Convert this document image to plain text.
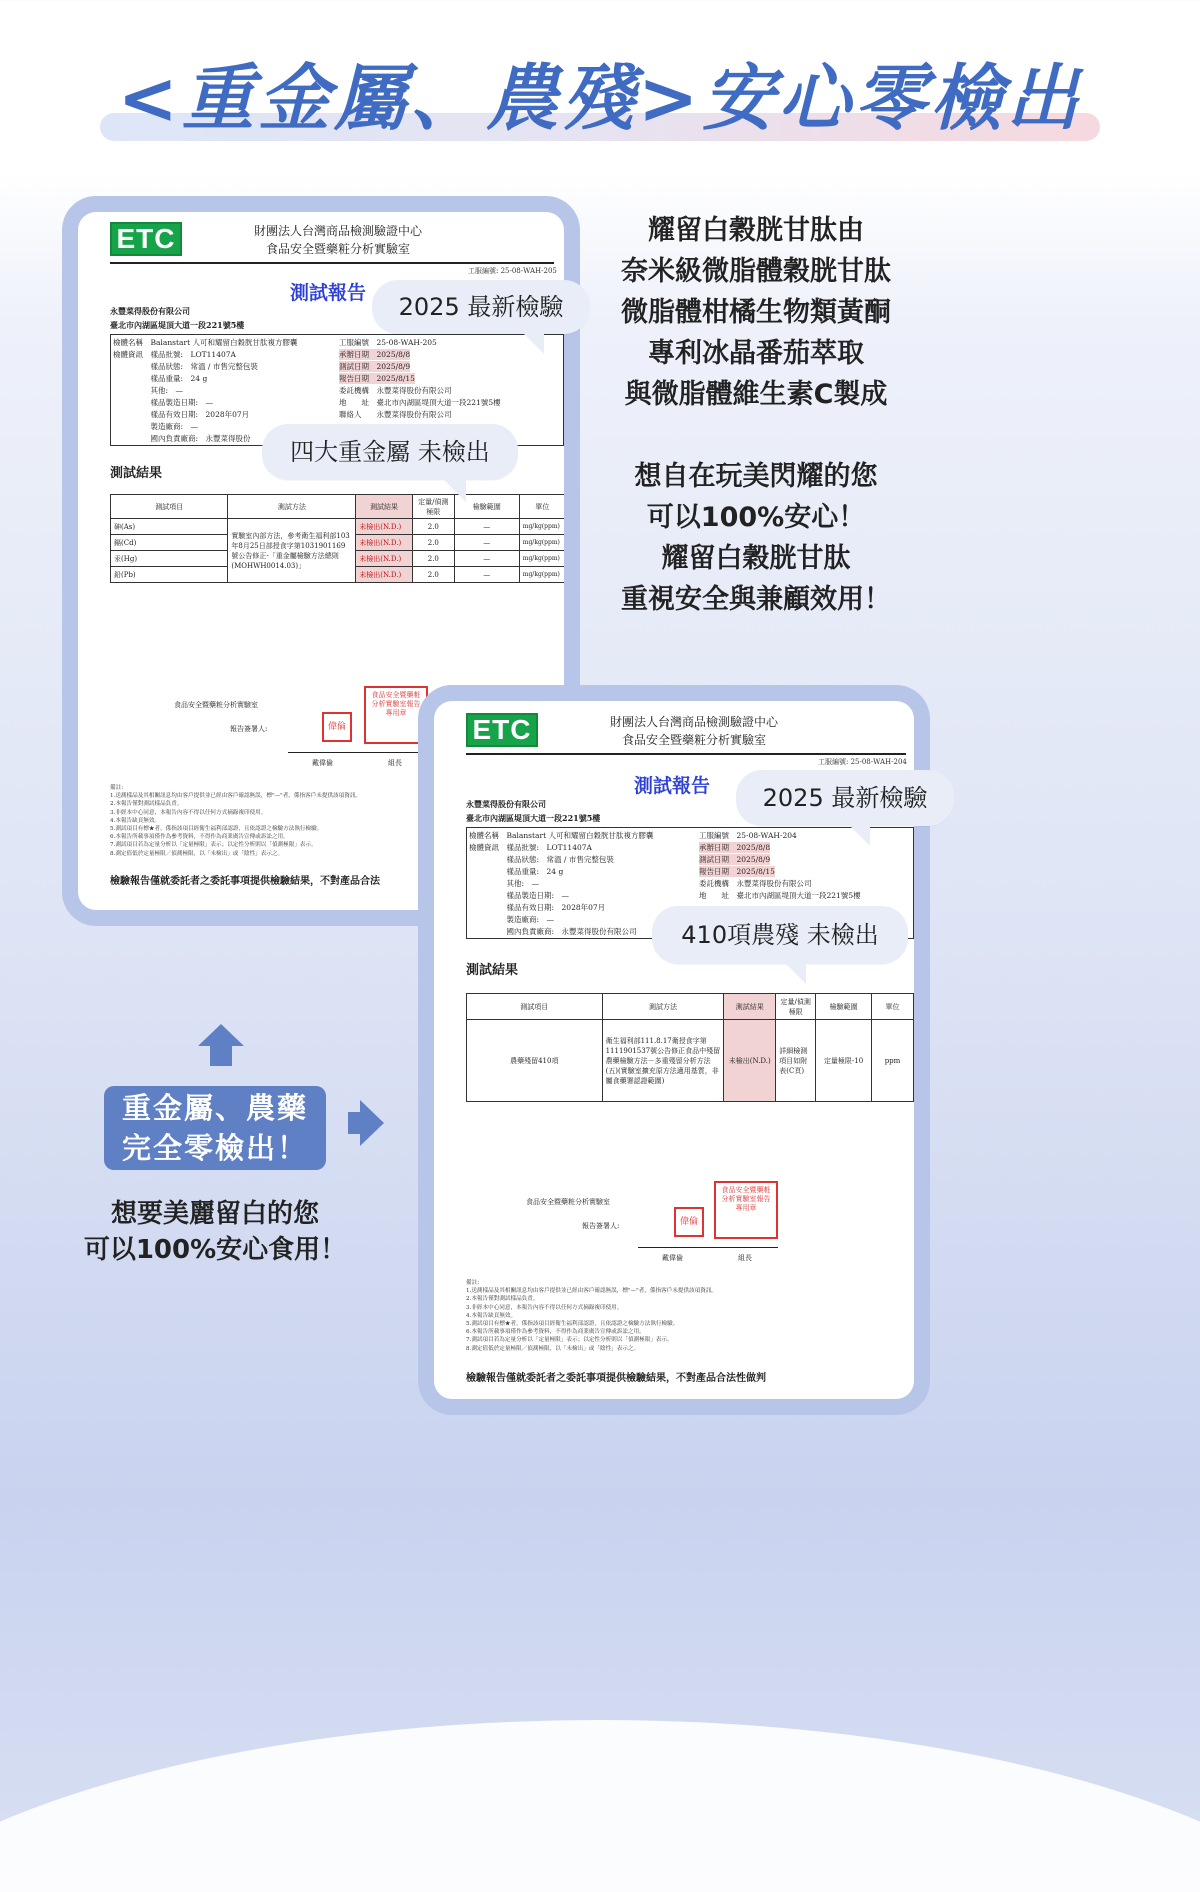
<重金屬、農殘>安心零檢出
ETC	財團法人台灣商品檢測驗證中心
食品安全暨藥粧分析實驗室
工服編號: 25-08-WAH-205
測試報告
永豐菜得股份有限公司
臺北市內湖區堤頂大道一段221號5樓
檢體名稱　Balanstart 人可和耀留白穀胱甘肽複方膠囊
檢體資訊　樣品批號:　LOT11407A
　　　　　樣品狀態:　常溫 / 市售完整包裝
　　　　　樣品重量:　24 g
　　　　　其他:　—
　　　　　樣品製造日期:　—
　　　　　樣品有效日期:　2028年07月
　　　　　製造廠商:　—
　　　　　國內負責廠商:　永豐菜得股份
工服編號　25-08-WAH-205
承辦日期　2025/8/8
測試日期　2025/8/9
報告日期　2025/8/15
委託機構　永豐菜得股份有限公司
地　　址　臺北市內湖區堤頂大道一段221號5樓
聯絡人　　永豐菜得股份有限公司
測試結果
測試項目	測試方法	測試結果	定量/偵測極限	檢驗範圍	單位
砷(As)	實驗室內部方法，參考衛生福利部103年8月25日部授食字第1031901169號公告修正-「重金屬檢驗方法總則(MOHWH0014.03)」	未檢出(N.D.)	2.0	—	mg/kg(ppm)
鎘(Cd)		未檢出(N.D.)	2.0	—	mg/kg(ppm)
汞(Hg)		未檢出(N.D.)	2.0	—	mg/kg(ppm)
鉛(Pb)		未檢出(N.D.)	2.0	—	mg/kg(ppm)
食品安全暨藥粧分析實驗室
報告簽署人:	偉倫
食品安全暨藥粧分析實驗室報告專用章
戴偉倫	組長
備註:
1.送測樣品及其相關訊息均由客戶提供並已經由客戶確認無誤，標"—"者，係指客戶未提供該項資訊。
2.本報告僅對測試樣品負責。
3.非經本中心同意，本報告內容不得以任何方式摘錄複印使用。
4.本報告缺頁無效。
5.測試項目有標★者，係指該項目經衛生福利部認證，且依認證之檢驗方法執行檢驗。
6.本報告所載事項僅作為參考資料，不得作為商業廣告宣傳或訴訟之用。
7.測試項目若為定量分析以「定量極限」表示；以定性分析則以「偵測極限」表示。
8.測定值低於定量極限／偵測極限，以「未檢出」或「陰性」表示之。
檢驗報告僅就委託者之委託事項提供檢驗結果，不對產品合法
2025 最新檢驗
四大重金屬 未檢出
ETC	財團法人台灣商品檢測驗證中心
食品安全暨藥粧分析實驗室
工服編號: 25-08-WAH-204
測試報告
永豐菜得股份有限公司
臺北市內湖區堤頂大道一段221號5樓
檢體名稱　Balanstart 人可和耀留白穀胱甘肽複方膠囊
檢體資訊　樣品批號:　LOT11407A
　　　　　樣品狀態:　常溫 / 市售完整包裝
　　　　　樣品重量:　24 g
　　　　　其他:　—
　　　　　樣品製造日期:　—
　　　　　樣品有效日期:　2028年07月
　　　　　製造廠商:　—
　　　　　國內負責廠商:　永豐菜得股份有限公司
工服編號　25-08-WAH-204
承辦日期　2025/8/8
測試日期　2025/8/9
報告日期　2025/8/15
委託機構　永豐菜得股份有限公司
地　　址　臺北市內湖區堤頂大道一段221號5樓
測試結果
測試項目	測試方法	測試結果	定量/偵測極限	檢驗範圍	單位
農藥殘留410項	衛生福利部111.8.17衛授食字第1111901537號公告修正食品中殘留農藥檢驗方法－多重殘留分析方法(五)(實驗室擴充原方法適用基質，非屬食藥署認證範圍)	未檢出(N.D.)	詳細檢測項目如附表(C頁)	定量極限-10	ppm
食品安全暨藥粧分析實驗室
報告簽署人:	偉倫
食品安全暨藥粧分析實驗室報告專用章
戴偉倫	組長
備註:
1.送測樣品及其相關訊息均由客戶提供並已經由客戶確認無誤，標"—"者，係指客戶未提供該項資訊。
2.本報告僅對測試樣品負責。
3.非經本中心同意，本報告內容不得以任何方式摘錄複印使用。
4.本報告缺頁無效。
5.測試項目有標★者，係指該項目經衛生福利部認證，且依認證之檢驗方法執行檢驗。
6.本報告所載事項僅作為參考資料，不得作為商業廣告宣傳或訴訟之用。
7.測試項目若為定量分析以「定量極限」表示；以定性分析則以「偵測極限」表示。
8.測定值低於定量極限／偵測極限，以「未檢出」或「陰性」表示之。
檢驗報告僅就委託者之委託事項提供檢驗結果，不對產品合法性做判
2025 最新檢驗
410項農殘 未檢出
耀留白穀胱甘肽由
奈米級微脂體穀胱甘肽
微脂體柑橘生物類黃酮
專利冰晶番茄萃取
與微脂體維生素C製成
想自在玩美閃耀的您
可以100%安心！
耀留白穀胱甘肽
重視安全與兼顧效用！
重金屬、農藥
完全零檢出！
想要美麗留白的您
可以100%安心食用！
